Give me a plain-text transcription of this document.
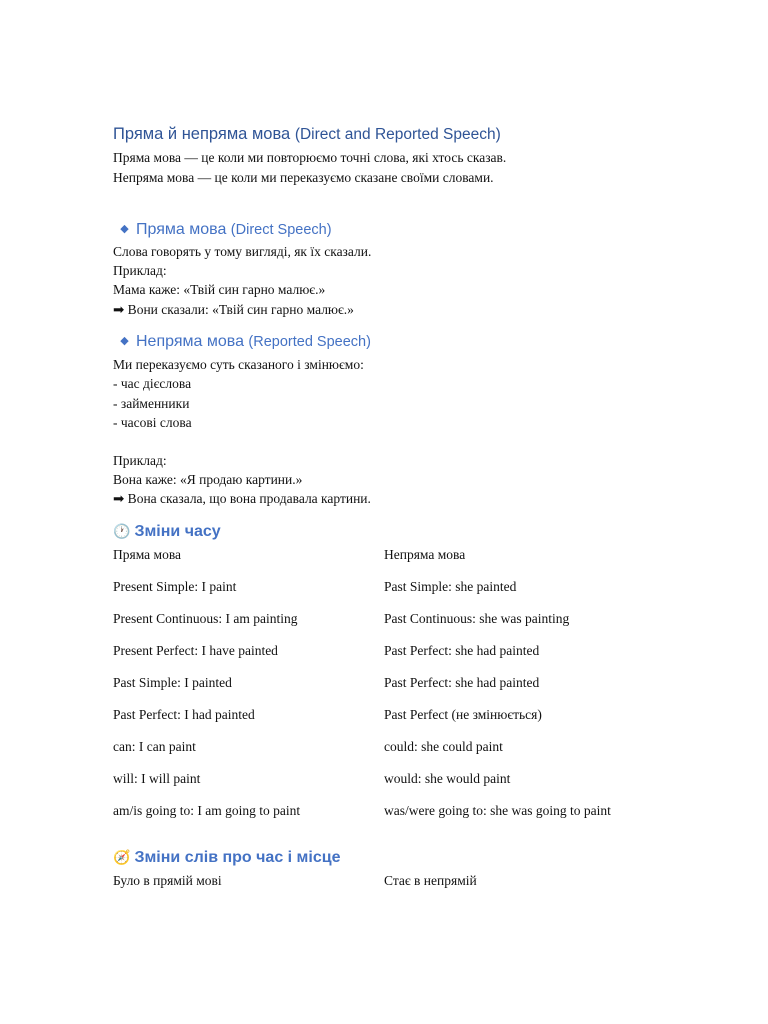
Пряма й непряма мова (Direct and Reported Speech)
Пряма мова — це коли ми повторюємо точні слова, які хтось сказав.
Непряма мова — це коли ми переказуємо сказане своїми словами.
◆ Пряма мова (Direct Speech)
Слова говорять у тому вигляді, як їх сказали.
Приклад:
Мама каже: «Твій син гарно малює.»
➡ Вони сказали: «Твій син гарно малює.»
◆ Непряма мова (Reported Speech)
Ми переказуємо суть сказаного і змінюємо:
- час дієслова
- займенники
- часові слова
Приклад:
Вона каже: «Я продаю картини.»
➡ Вона сказала, що вона продавала картини.
🕐 Зміни часу
Пряма мова	Непряма мова
Present Simple: I paint	Past Simple: she painted
Present Continuous: I am painting	Past Continuous: she was painting
Present Perfect: I have painted	Past Perfect: she had painted
Past Simple: I painted	Past Perfect: she had painted
Past Perfect: I had painted	Past Perfect (не змінюється)
can: I can paint	could: she could paint
will: I will paint	would: she would paint
am/is going to: I am going to paint	was/were going to: she was going to paint
🧭 Зміни слів про час і місце
Було в прямій мові	Стає в непрямій
